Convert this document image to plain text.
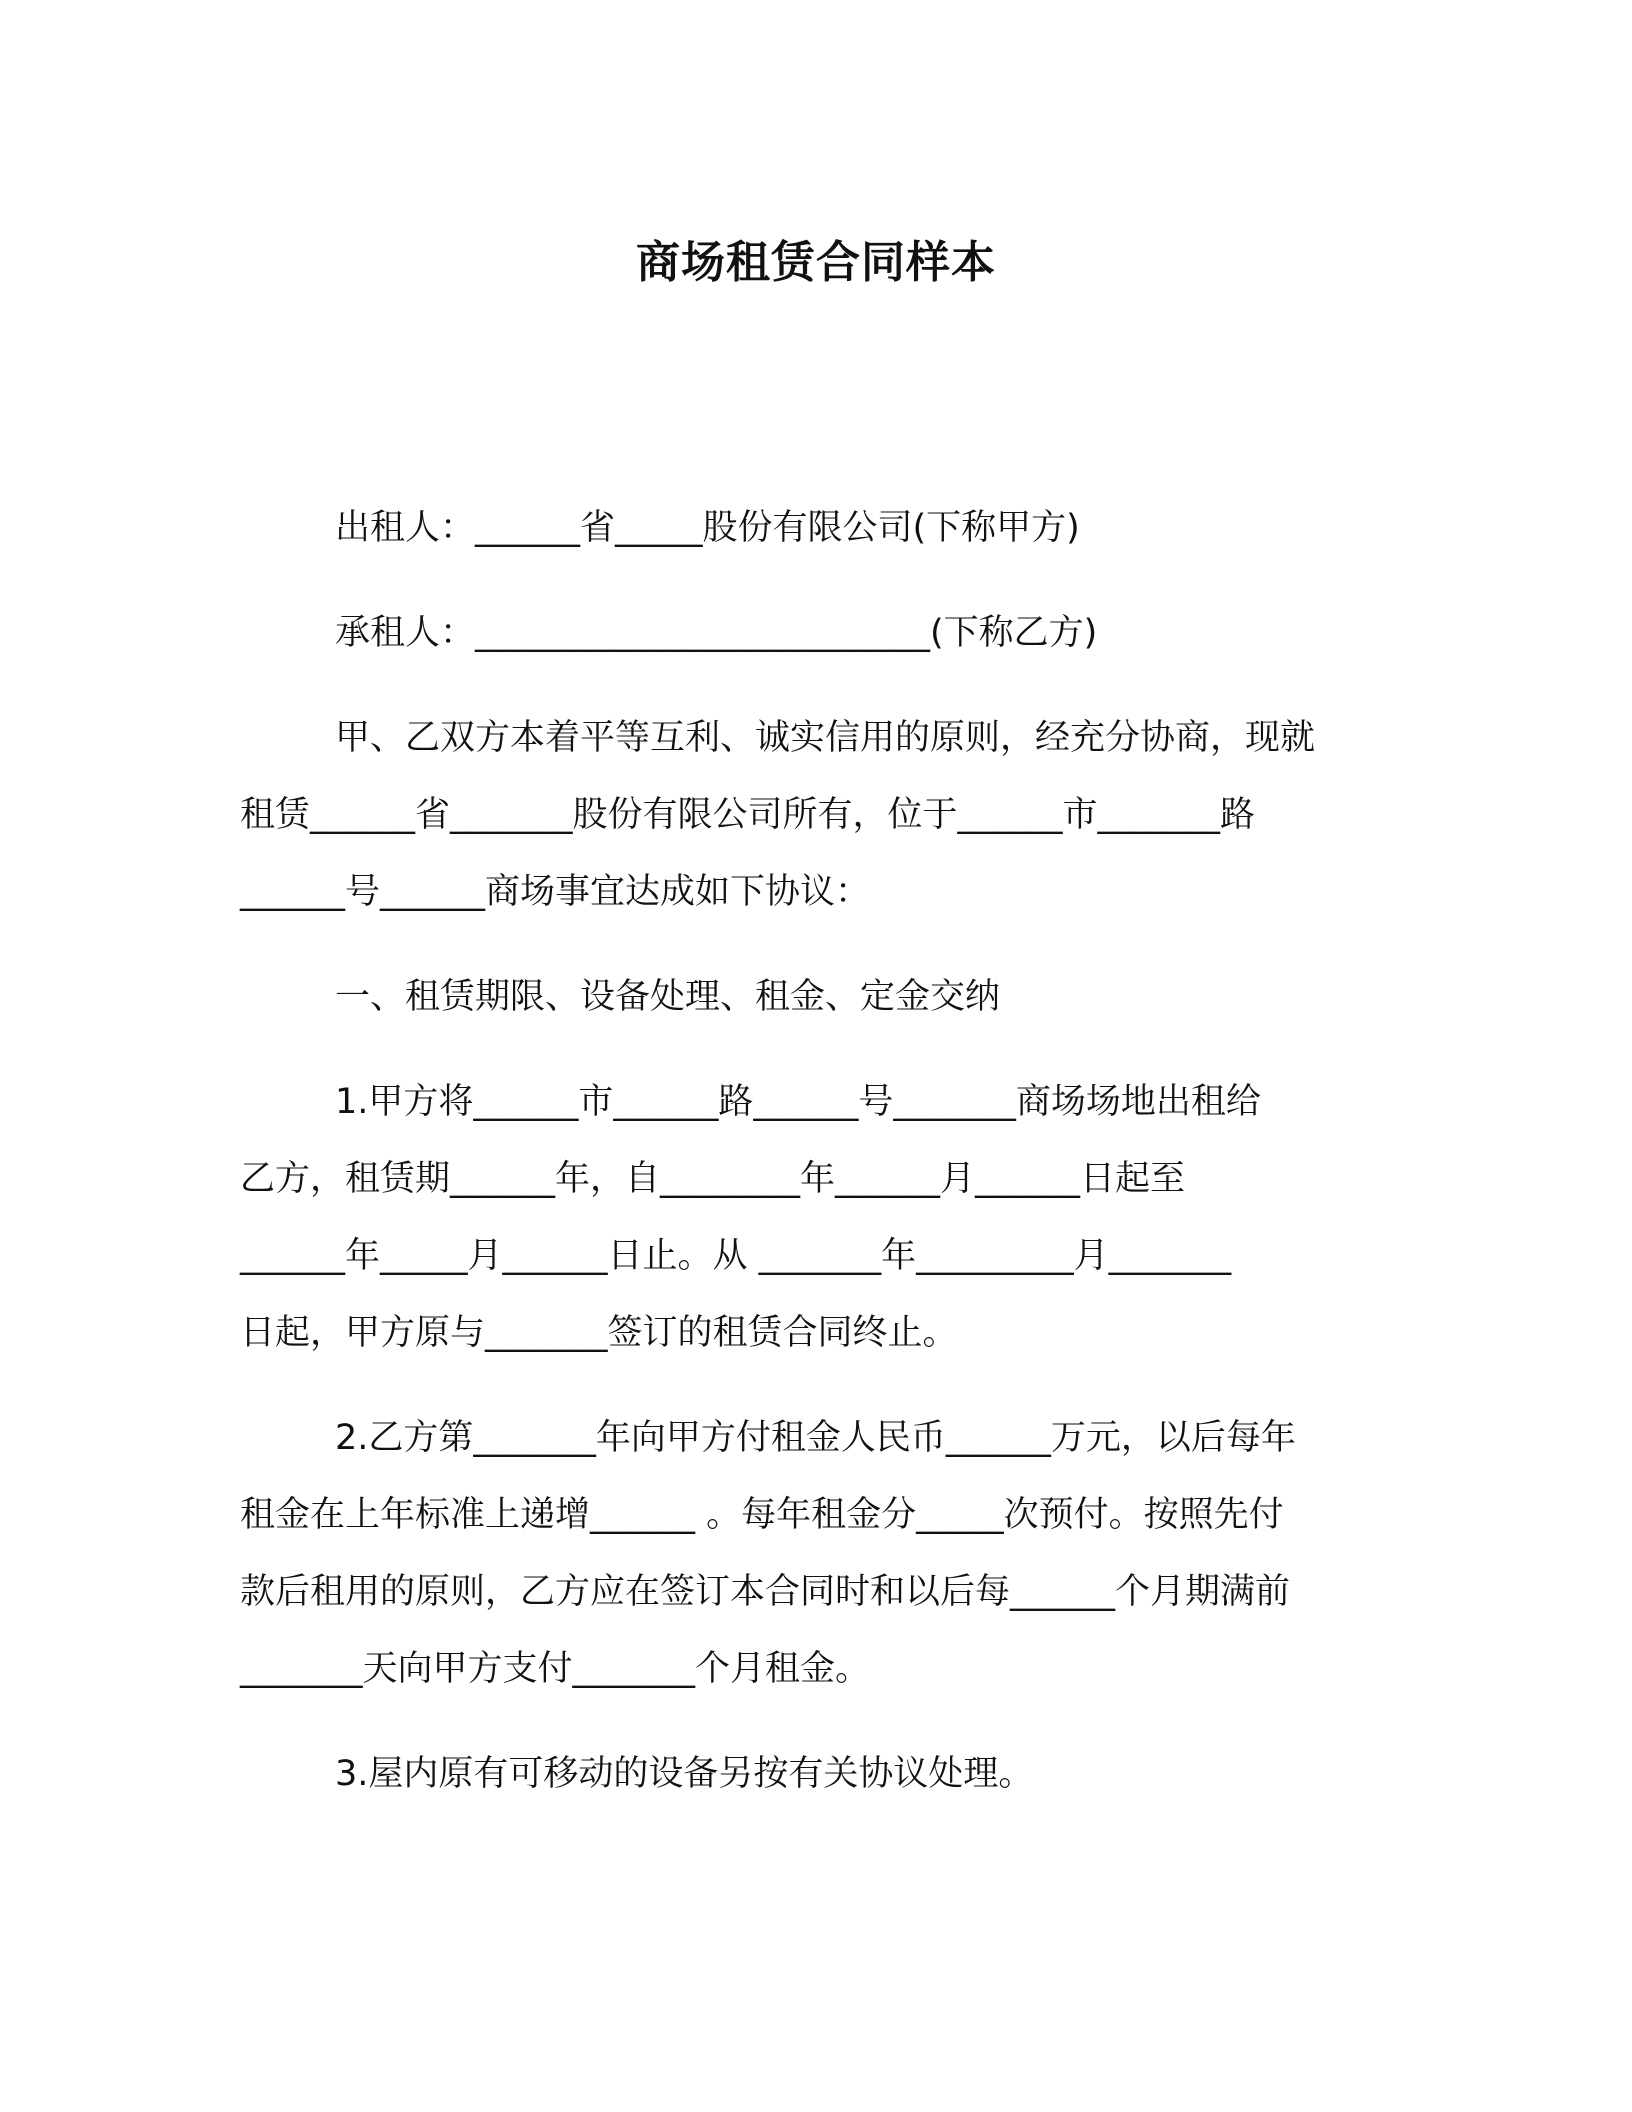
商场租赁合同样本
出租人：______省_____股份有限公司(下称甲方)
承租人：__________________________(下称乙方)
甲、乙双方本着平等互利、诚实信用的原则，经充分协商，现就
租赁______省_______股份有限公司所有，位于______市_______路
______号______商场事宜达成如下协议：
一、租赁期限、设备处理、租金、定金交纳
1.甲方将______市______路______号_______商场场地出租给
乙方，租赁期______年，自________年______月______日起至
______年_____月______日止。从 _______年_________月_______
日起，甲方原与_______签订的租赁合同终止。
2.乙方第_______年向甲方付租金人民币______万元，以后每年
租金在上年标准上递增______ 。每年租金分_____次预付。按照先付
款后租用的原则，乙方应在签订本合同时和以后每______个月期满前
_______天向甲方支付_______个月租金。
3.屋内原有可移动的设备另按有关协议处理。
